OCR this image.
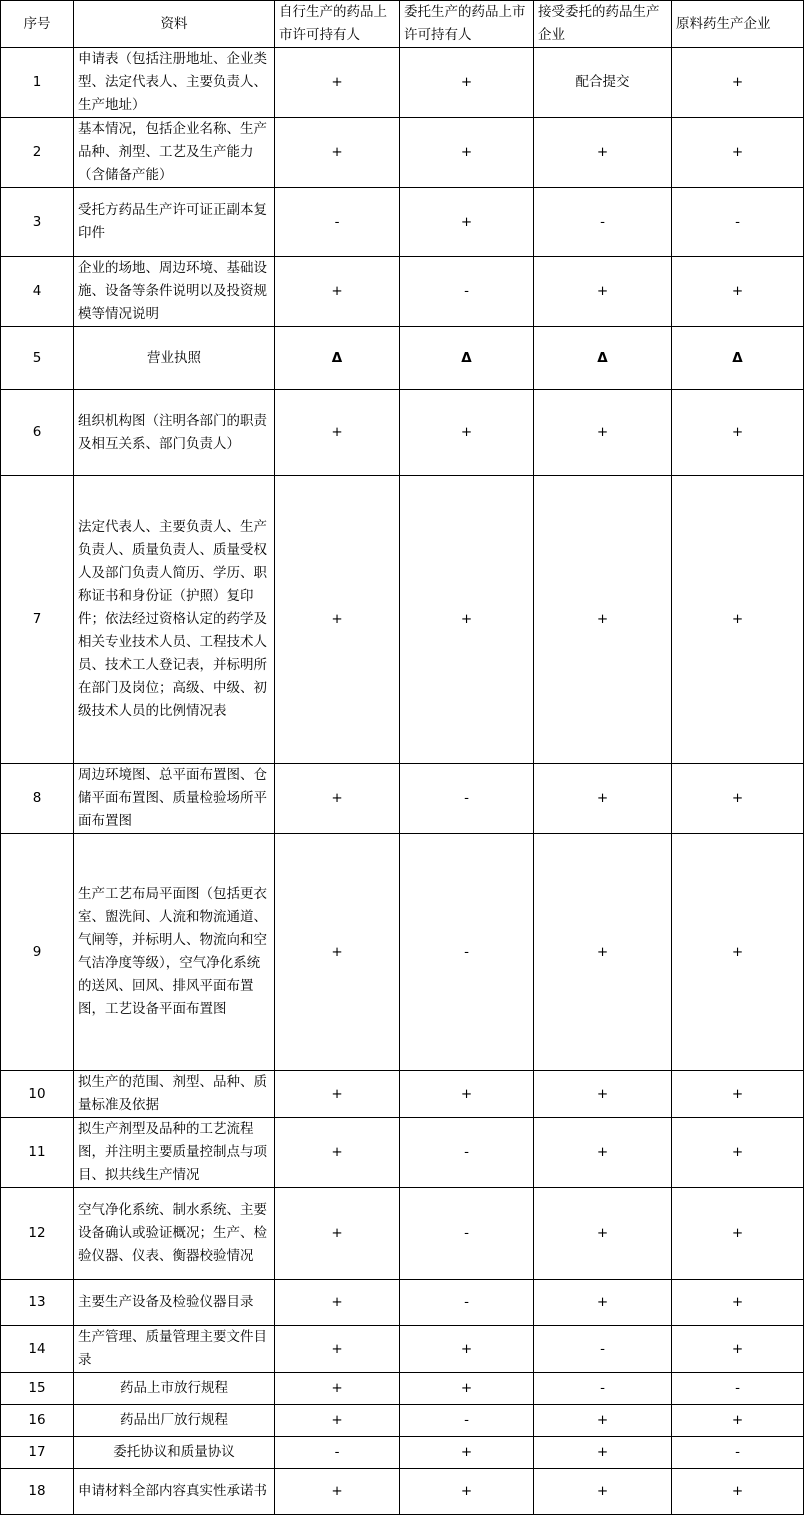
序号	资料	自行生产的药品上市许可持有人	委托生产的药品上市许可持有人	接受委托的药品生产企业	原料药生产企业
1	申请表（包括注册地址、企业类型、法定代表人、主要负责人、生产地址）	+	+	配合提交	+
2	基本情况，包括企业名称、生产品种、剂型、工艺及生产能力（含储备产能）	+	+	+	+
3	受托方药品生产许可证正副本复印件	-	+	-	-
4	企业的场地、周边环境、基础设施、设备等条件说明以及投资规模等情况说明	+	-	+	+
5	营业执照	Δ	Δ	Δ	Δ
6	组织机构图（注明各部门的职责及相互关系、部门负责人）	+	+	+	+
7	法定代表人、主要负责人、生产负责人、质量负责人、质量受权人及部门负责人简历、学历、职称证书和身份证（护照）复印件；依法经过资格认定的药学及相关专业技术人员、工程技术人员、技术工人登记表，并标明所在部门及岗位；高级、中级、初级技术人员的比例情况表	+	+	+	+
8	周边环境图、总平面布置图、仓储平面布置图、质量检验场所平面布置图	+	-	+	+
9	生产工艺布局平面图（包括更衣室、盥洗间、人流和物流通道、气闸等，并标明人、物流向和空气洁净度等级），空气净化系统的送风、回风、排风平面布置图，工艺设备平面布置图	+	-	+	+
10	拟生产的范围、剂型、品种、质量标准及依据	+	+	+	+
11	拟生产剂型及品种的工艺流程图，并注明主要质量控制点与项目、拟共线生产情况	+	-	+	+
12	空气净化系统、制水系统、主要设备确认或验证概况；生产、检验仪器、仪表、衡器校验情况	+	-	+	+
13	主要生产设备及检验仪器目录	+	-	+	+
14	生产管理、质量管理主要文件目录	+	+	-	+
15	药品上市放行规程	+	+	-	-
16	药品出厂放行规程	+	-	+	+
17	委托协议和质量协议	-	+	+	-
18	申请材料全部内容真实性承诺书	+	+	+	+
